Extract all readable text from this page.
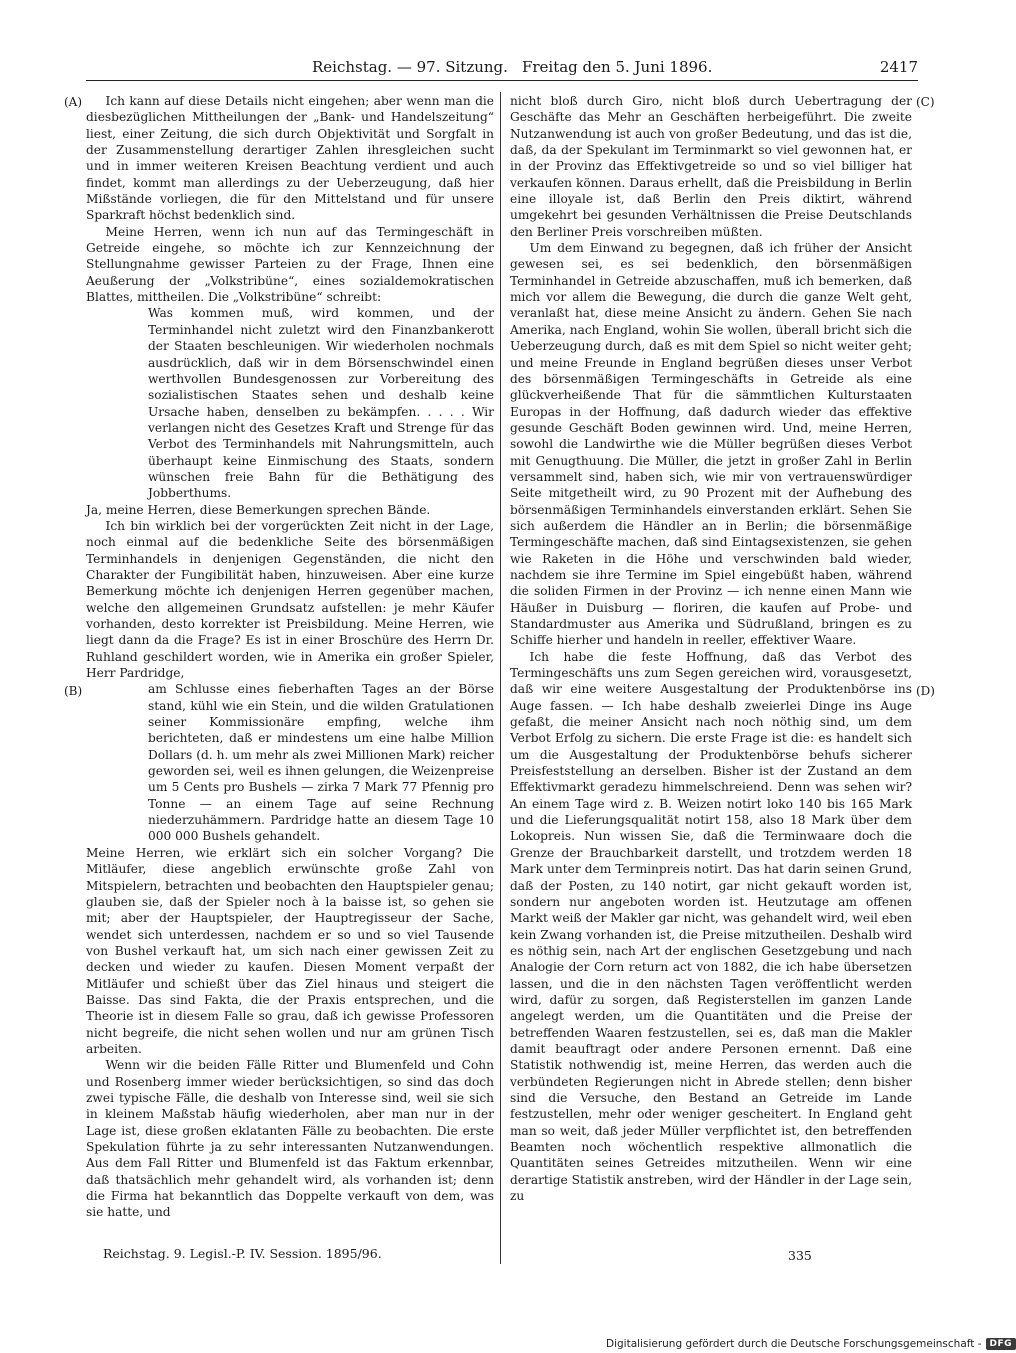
Reichstag. — 97. Sitzung. Freitag den 5. Juni 1896.	2417
(A)
(B)
(C)
(D)

Ich kann auf diese Details nicht eingehen; aber wenn man die diesbezüglichen Mittheilungen der „Bank- und Handelszeitung“ liest, einer Zeitung, die sich durch Objektivität und Sorgfalt in der Zusammenstellung derartiger Zahlen ihresgleichen sucht und in immer weiteren Kreisen Beachtung verdient und auch findet, kommt man allerdings zu der Ueberzeugung, daß hier Mißstände vorliegen, die für den Mittelstand und für unsere Sparkraft höchst bedenklich sind.

Meine Herren, wenn ich nun auf das Termingeschäft in Getreide eingehe, so möchte ich zur Kennzeichnung der Stellungnahme gewisser Parteien zu der Frage, Ihnen eine Aeußerung der „Volkstribüne“, eines sozialdemokratischen Blattes, mittheilen. Die „Volkstribüne“ schreibt:

Was kommen muß, wird kommen, und der Terminhandel nicht zuletzt wird den Finanzbankerott der Staaten beschleunigen. Wir wiederholen nochmals ausdrücklich, daß wir in dem Börsenschwindel einen werthvollen Bundesgenossen zur Vorbereitung des sozialistischen Staates sehen und deshalb keine Ursache haben, denselben zu bekämpfen. . . . . Wir verlangen nicht des Gesetzes Kraft und Strenge für das Verbot des Terminhandels mit Nahrungsmitteln, auch überhaupt keine Einmischung des Staats, sondern wünschen freie Bahn für die Bethätigung des Jobberthums.

Ja, meine Herren, diese Bemerkungen sprechen Bände.

Ich bin wirklich bei der vorgerückten Zeit nicht in der Lage, noch einmal auf die bedenkliche Seite des börsenmäßigen Terminhandels in denjenigen Gegenständen, die nicht den Charakter der Fungibilität haben, hinzuweisen. Aber eine kurze Bemerkung möchte ich denjenigen Herren gegenüber machen, welche den allgemeinen Grundsatz aufstellen: je mehr Käufer vorhanden, desto korrekter ist Preisbildung. Meine Herren, wie liegt dann da die Frage? Es ist in einer Broschüre des Herrn Dr. Ruhland geschildert worden, wie in Amerika ein großer Spieler, Herr Pardridge,

am Schlusse eines fieberhaften Tages an der Börse stand, kühl wie ein Stein, und die wilden Gratulationen seiner Kommissionäre empfing, welche ihm berichteten, daß er mindestens um eine halbe Million Dollars (d. h. um mehr als zwei Millionen Mark) reicher geworden sei, weil es ihnen gelungen, die Weizenpreise um 5 Cents pro Bushels — zirka 7 Mark 77 Pfennig pro Tonne — an einem Tage auf seine Rechnung niederzuhämmern. Pardridge hatte an diesem Tage 10 000 000 Bushels gehandelt.

Meine Herren, wie erklärt sich ein solcher Vorgang? Die Mitläufer, diese angeblich erwünschte große Zahl von Mitspielern, betrachten und beobachten den Hauptspieler genau; glauben sie, daß der Spieler noch à la baisse ist, so gehen sie mit; aber der Hauptspieler, der Hauptregisseur der Sache, wendet sich unterdessen, nachdem er so und so viel Tausende von Bushel verkauft hat, um sich nach einer gewissen Zeit zu decken und wieder zu kaufen. Diesen Moment verpaßt der Mitläufer und schießt über das Ziel hinaus und steigert die Baisse. Das sind Fakta, die der Praxis entsprechen, und die Theorie ist in diesem Falle so grau, daß ich gewisse Professoren nicht begreife, die nicht sehen wollen und nur am grünen Tisch arbeiten.

Wenn wir die beiden Fälle Ritter und Blumenfeld und Cohn und Rosenberg immer wieder berücksichtigen, so sind das doch zwei typische Fälle, die deshalb von Interesse sind, weil sie sich in kleinem Maßstab häufig wiederholen, aber man nur in der Lage ist, diese großen eklatanten Fälle zu beobachten. Die erste Spekulation führte ja zu sehr interessanten Nutzanwendungen. Aus dem Fall Ritter und Blumenfeld ist das Faktum erkennbar, daß thatsächlich mehr gehandelt wird, als vorhanden ist; denn die Firma hat bekanntlich das Doppelte verkauft von dem, was sie hatte, und

nicht bloß durch Giro, nicht bloß durch Uebertragung der Geschäfte das Mehr an Geschäften herbeigeführt. Die zweite Nutzanwendung ist auch von großer Bedeutung, und das ist die, daß, da der Spekulant im Terminmarkt so viel gewonnen hat, er in der Provinz das Effektivgetreide so und so viel billiger hat verkaufen können. Daraus erhellt, daß die Preisbildung in Berlin eine illoyale ist, daß Berlin den Preis diktirt, während umgekehrt bei gesunden Verhältnissen die Preise Deutschlands den Berliner Preis vorschreiben müßten.

Um dem Einwand zu begegnen, daß ich früher der Ansicht gewesen sei, es sei bedenklich, den börsenmäßigen Terminhandel in Getreide abzuschaffen, muß ich bemerken, daß mich vor allem die Bewegung, die durch die ganze Welt geht, veranlaßt hat, diese meine Ansicht zu ändern. Gehen Sie nach Amerika, nach England, wohin Sie wollen, überall bricht sich die Ueberzeugung durch, daß es mit dem Spiel so nicht weiter geht; und meine Freunde in England begrüßen dieses unser Verbot des börsenmäßigen Termingeschäfts in Getreide als eine glückverheißende That für die sämmtlichen Kulturstaaten Europas in der Hoffnung, daß dadurch wieder das effektive gesunde Geschäft Boden gewinnen wird. Und, meine Herren, sowohl die Landwirthe wie die Müller begrüßen dieses Verbot mit Genugthuung. Die Müller, die jetzt in großer Zahl in Berlin versammelt sind, haben sich, wie mir von vertrauenswürdiger Seite mitgetheilt wird, zu 90 Prozent mit der Aufhebung des börsenmäßigen Terminhandels einverstanden erklärt. Sehen Sie sich außerdem die Händler an in Berlin; die börsenmäßige Termingeschäfte machen, daß sind Eintagsexistenzen, sie gehen wie Raketen in die Höhe und verschwinden bald wieder, nachdem sie ihre Termine im Spiel eingebüßt haben, während die soliden Firmen in der Provinz — ich nenne einen Mann wie Häußer in Duisburg — floriren, die kaufen auf Probe- und Standardmuster aus Amerika und Südrußland, bringen es zu Schiffe hierher und handeln in reeller, effektiver Waare.

Ich habe die feste Hoffnung, daß das Verbot des Termingeschäfts uns zum Segen gereichen wird, vorausgesetzt, daß wir eine weitere Ausgestaltung der Produktenbörse ins Auge fassen. — Ich habe deshalb zweierlei Dinge ins Auge gefaßt, die meiner Ansicht nach noch nöthig sind, um dem Verbot Erfolg zu sichern. Die erste Frage ist die: es handelt sich um die Ausgestaltung der Produktenbörse behufs sicherer Preisfeststellung an derselben. Bisher ist der Zustand an dem Effektivmarkt geradezu himmelschreiend. Denn was sehen wir? An einem Tage wird z. B. Weizen notirt loko 140 bis 165 Mark und die Lieferungsqualität notirt 158, also 18 Mark über dem Lokopreis. Nun wissen Sie, daß die Terminwaare doch die Grenze der Brauchbarkeit darstellt, und trotzdem werden 18 Mark unter dem Terminpreis notirt. Das hat darin seinen Grund, daß der Posten, zu 140 notirt, gar nicht gekauft worden ist, sondern nur angeboten worden ist. Heutzutage am offenen Markt weiß der Makler gar nicht, was gehandelt wird, weil eben kein Zwang vorhanden ist, die Preise mitzutheilen. Deshalb wird es nöthig sein, nach Art der englischen Gesetzgebung und nach Analogie der Corn return act von 1882, die ich habe übersetzen lassen, und die in den nächsten Tagen veröffentlicht werden wird, dafür zu sorgen, daß Registerstellen im ganzen Lande angelegt werden, um die Quantitäten und die Preise der betreffenden Waaren festzustellen, sei es, daß man die Makler damit beauftragt oder andere Personen ernennt. Daß eine Statistik nothwendig ist, meine Herren, das werden auch die verbündeten Regierungen nicht in Abrede stellen; denn bisher sind die Versuche, den Bestand an Getreide im Lande festzustellen, mehr oder weniger gescheitert. In England geht man so weit, daß jeder Müller verpflichtet ist, den betreffenden Beamten noch wöchentlich respektive allmonatlich die Quantitäten seines Getreides mitzutheilen. Wenn wir eine derartige Statistik anstreben, wird der Händler in der Lage sein, zu

Reichstag. 9. Legisl.-P. IV. Session. 1895/96.	335
Digitalisierung gefördert durch die Deutsche Forschungsgemeinschaft - DFG
